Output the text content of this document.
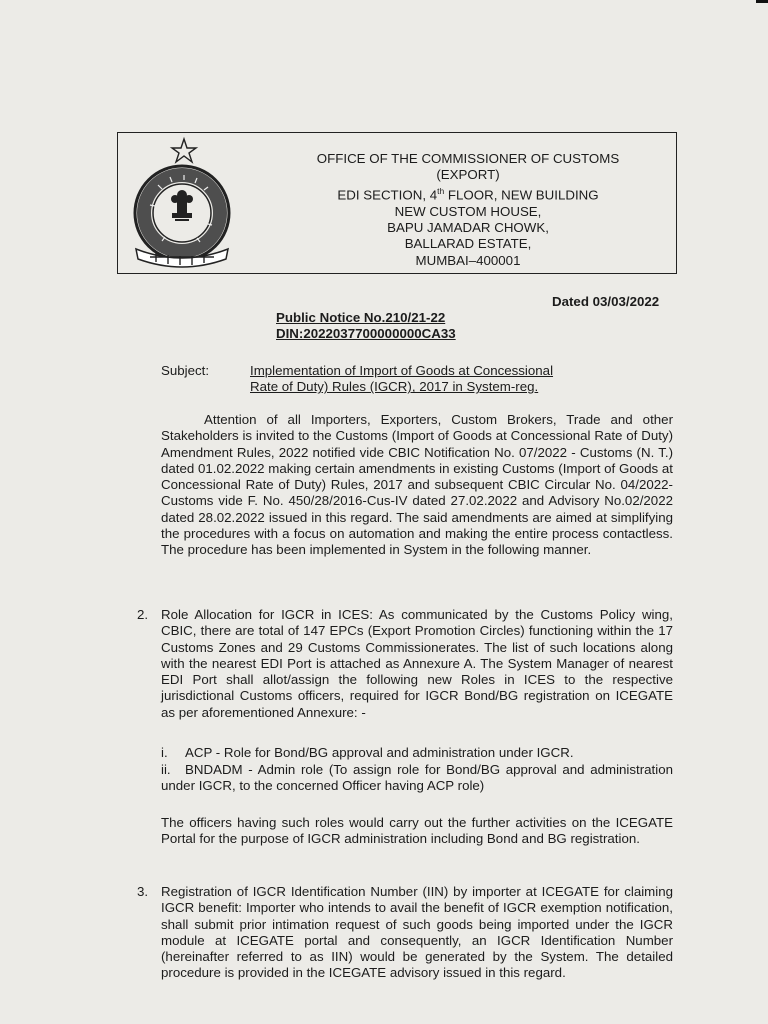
OFFICE OF THE COMMISSIONER OF CUSTOMS
(EXPORT)
EDI SECTION, 4th FLOOR, NEW BUILDING
NEW CUSTOM HOUSE,
BAPU JAMADAR CHOWK,
BALLARAD ESTATE,
MUMBAI–400001
Dated 03/03/2022
Public Notice No.210/21-22
DIN:2022037700000000CA33
Subject:	Implementation of Import of Goods at Concessional
Rate of Duty) Rules (IGCR), 2017 in System-reg.
Attention of all Importers, Exporters, Custom Brokers, Trade and other Stakeholders is invited to the Customs (Import of Goods at Concessional Rate of Duty) Amendment Rules, 2022 notified vide CBIC Notification No. 07/2022 - Customs (N. T.) dated 01.02.2022 making certain amendments in existing Customs (Import of Goods at Concessional Rate of Duty) Rules, 2017 and subsequent CBIC Circular No. 04/2022-Customs vide F. No. 450/28/2016-Cus-IV dated 27.02.2022 and Advisory No.02/2022 dated 28.02.2022 issued in this regard. The said amendments are aimed at simplifying the procedures with a focus on automation and making the entire process contactless. The procedure has been implemented in System in the following manner.
2. Role Allocation for IGCR in ICES: As communicated by the Customs Policy wing, CBIC, there are total of 147 EPCs (Export Promotion Circles) functioning within the 17 Customs Zones and 29 Customs Commissionerates. The list of such locations along with the nearest EDI Port is attached as Annexure A. The System Manager of nearest EDI Port shall allot/assign the following new Roles in ICES to the respective jurisdictional Customs officers, required for IGCR Bond/BG registration on ICEGATE as per aforementioned Annexure: -
i. ACP - Role for Bond/BG approval and administration under IGCR.
ii. BNDADM - Admin role (To assign role for Bond/BG approval and administration under IGCR, to the concerned Officer having ACP role)
The officers having such roles would carry out the further activities on the ICEGATE Portal for the purpose of IGCR administration including Bond and BG registration.
3. Registration of IGCR Identification Number (IIN) by importer at ICEGATE for claiming IGCR benefit: Importer who intends to avail the benefit of IGCR exemption notification, shall submit prior intimation request of such goods being imported under the IGCR module at ICEGATE portal and consequently, an IGCR Identification Number (hereinafter referred to as IIN) would be generated by the System. The detailed procedure is provided in the ICEGATE advisory issued in this regard.
